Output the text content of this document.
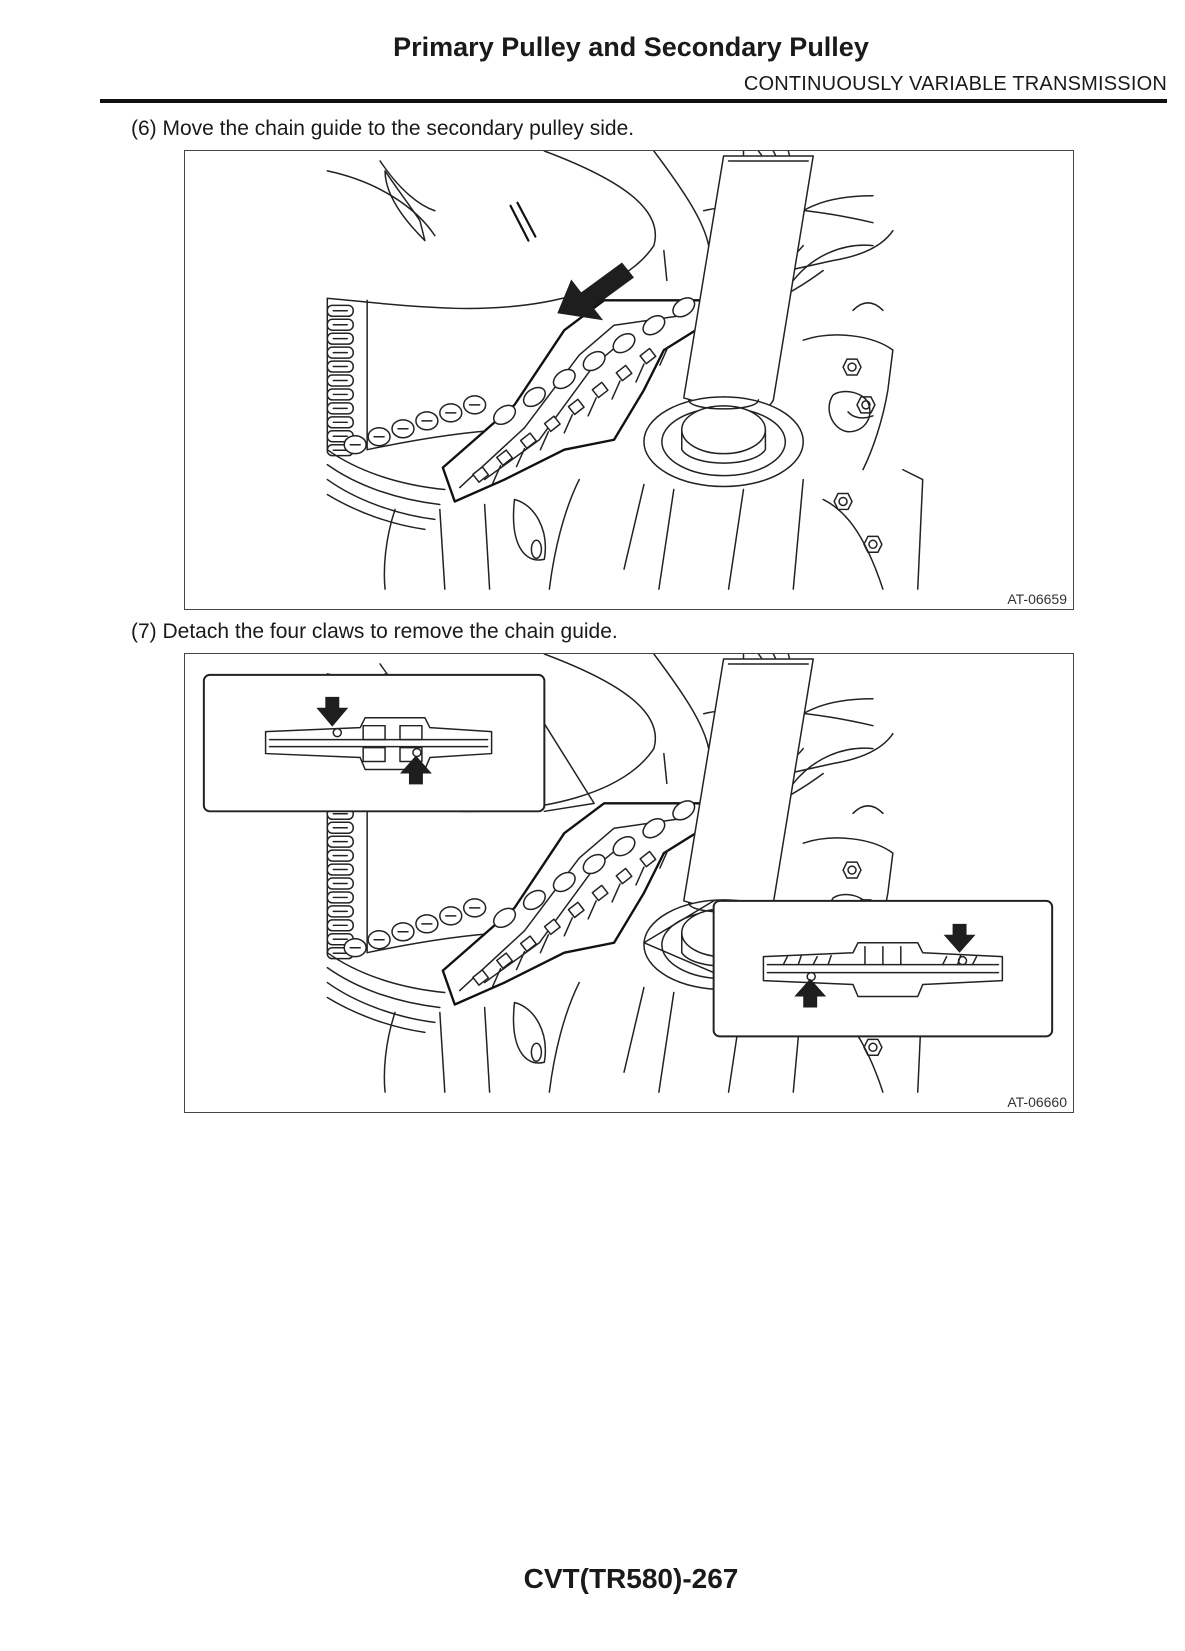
Primary Pulley and Secondary Pulley
CONTINUOUSLY VARIABLE TRANSMISSION
(6) Move the chain guide to the secondary pulley side.
AT-06659
(7) Detach the four claws to remove the chain guide.
AT-06660
CVT(TR580)-267
